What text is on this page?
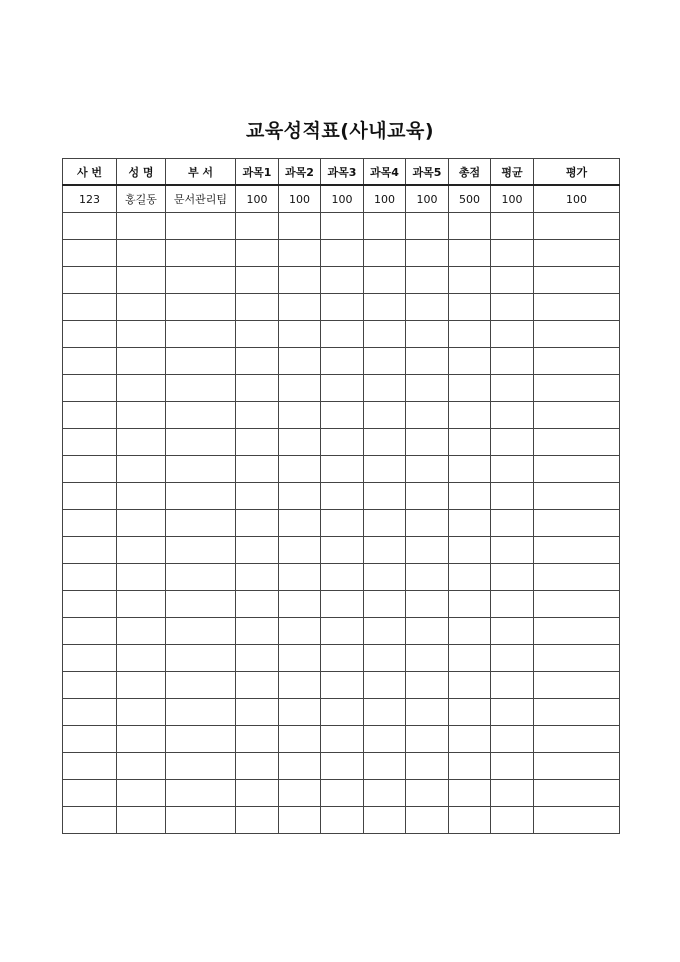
교육성적표(사내교육)
사 번	성 명	부 서	과목1	과목2	과목3	과목4	과목5	총점	평균	평가
123	홍길동	문서관리팀	100	100	100	100	100	500	100	100
